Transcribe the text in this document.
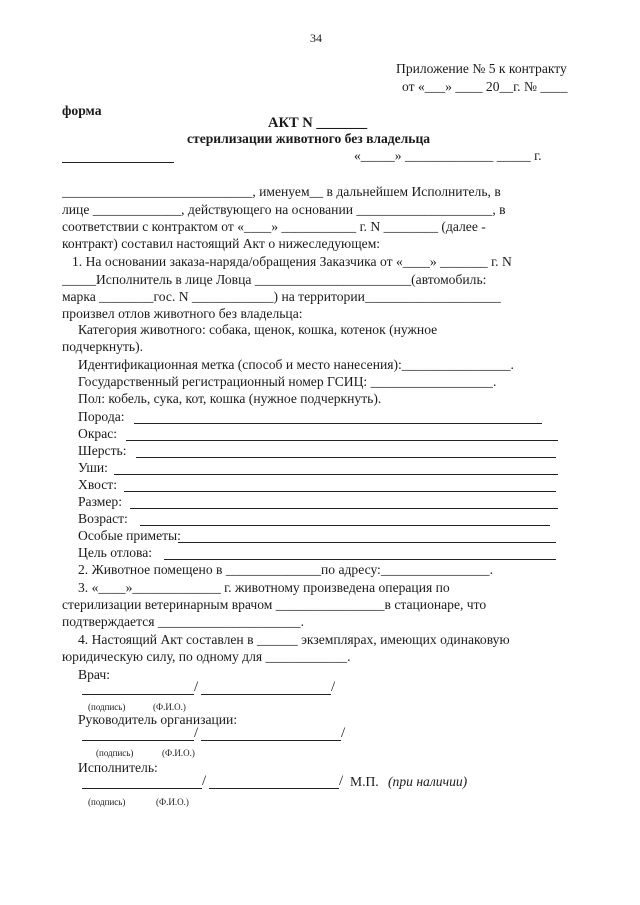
34
Приложение № 5 к контракту
от «___» ____ 20__г. № ____
форма
АКТ N _______
стерилизации животного без владельца
«_____» _____________ _____ г.
____________________________, именуем__ в дальнейшем Исполнитель, в
лице _____________, действующего на основании ____________________, в
соответствии с контрактом от «____» ___________ г. N ________ (далее -
контракт) составил настоящий Акт о нижеследующем:
1. На основании заказа-наряда/обращения Заказчика от «____» _______ г. N
_____Исполнитель в лице Ловца _______________________(автомобиль:
марка ________гос. N ____________) на территории____________________
произвел отлов животного без владельца:
Категория животного: собака, щенок, кошка, котенок (нужное
подчеркнуть).
Идентификационная метка (способ и место нанесения):________________.
Государственный регистрационный номер ГСИЦ: __________________.
Пол: кобель, сука, кот, кошка (нужное подчеркнуть).
Порода:
Окрас:
Шерсть:
Уши:
Хвост:
Размер:
Возраст:
Особые приметы:
Цель отлова:
2. Животное помещено в ______________по адресу:________________.
3. «____»_____________ г. животному произведена операция по
стерилизации ветеринарным врачом ________________в стационаре, что
подтверждается _____________________.
4. Настоящий Акт составлен в ______ экземплярах, имеющих одинаковую
юридическую силу, по одному для ____________.
Врач:
/	/
(подпись)	(Ф.И.О.)
Руководитель организации:
/	/
(подпись)	(Ф.И.О.)
Исполнитель:
/	/ М.П. (при наличии)
(подпись)	(Ф.И.О.)
